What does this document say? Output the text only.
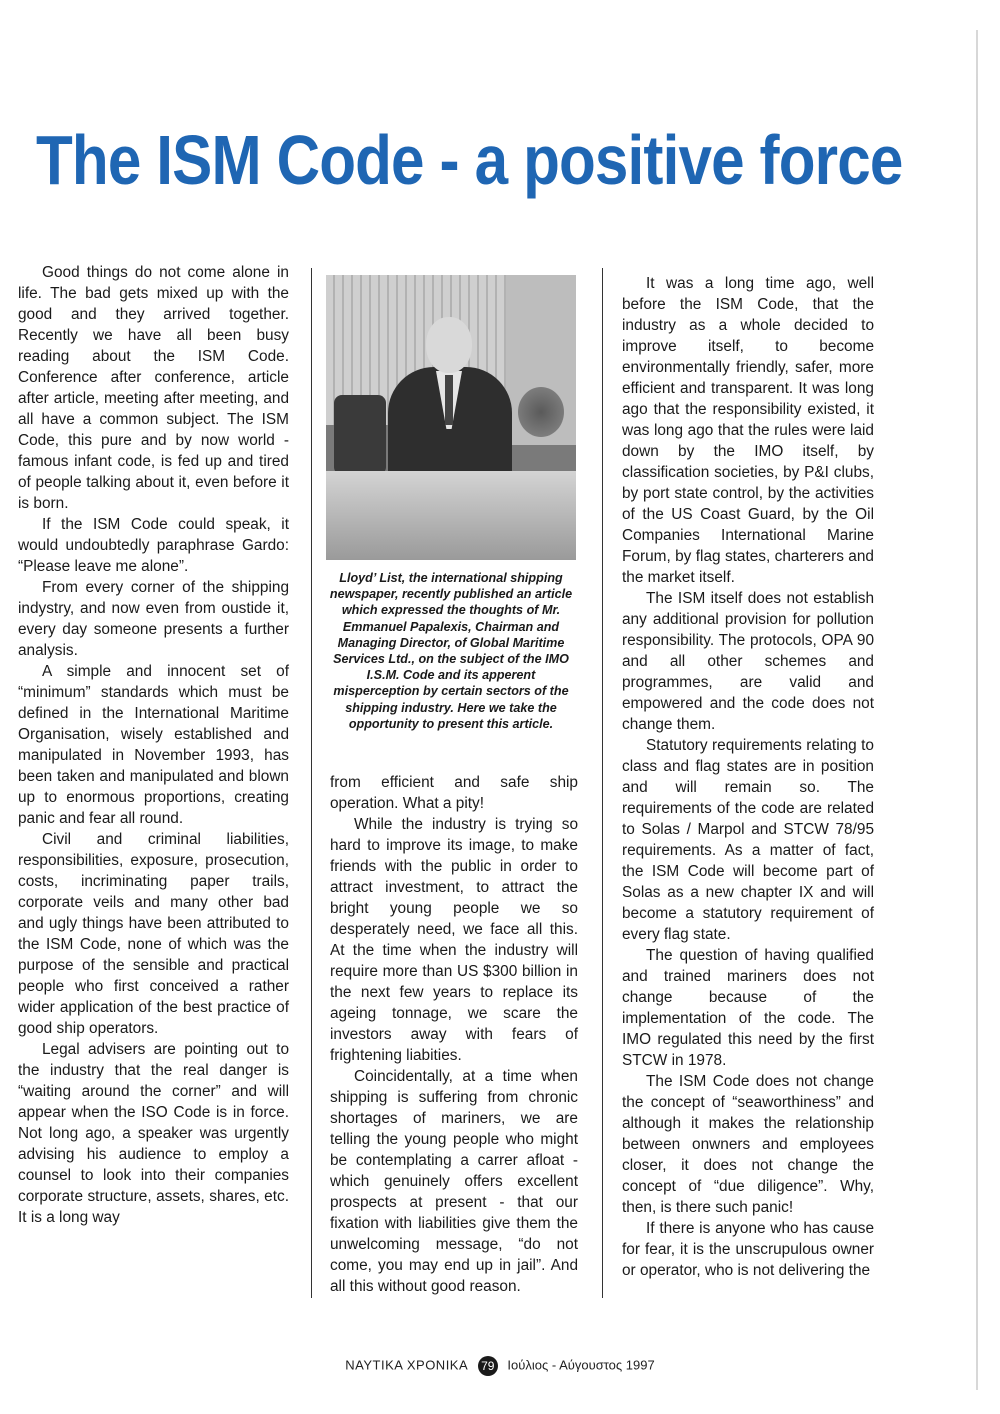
The ISM Code - a positive force

Good things do not come alone in life. The bad gets mixed up with the good and they arrived together. Recently we have all been busy reading about the ISM Code. Conference after conference, article after article, meeting after meeting, and all have a common subject. The ISM Code, this pure and by now world - famous infant code, is fed up and tired of people talking about it, even before it is born.

If the ISM Code could speak, it would undoubtedly paraphrase Gardo: “Please leave me alone”.

From every corner of the shipping indystry, and now even from oustide it, every day someone presents a further analysis.

A simple and innocent set of “minimum” standards which must be defined in the International Maritime Organisation, wisely established and manipulated in November 1993, has been taken and manipulated and blown up to enormous proportions, creating panic and fear all round.

Civil and criminal liabilities, responsibilities, exposure, prosecution, costs, incriminating paper trails, corporate veils and many other bad and ugly things have been attributed to the ISM Code, none of which was the purpose of the sensible and practical people who first conceived a rather wider application of the best practice of good ship operators.

Legal advisers are pointing out to the industry that the real danger is “waiting around the corner” and will appear when the ISO Code is in force. Not long ago, a speaker was urgently advising his audience to employ a counsel to look into their companies corporate structure, assets, shares, etc. It is a long way

Lloyd’ List, the international shipping newspaper, recently published an article which expressed the thoughts of Mr. Emmanuel Papalexis, Chairman and Managing Director, of Global Maritime Services Ltd., on the subject of the IMO I.S.M. Code and its apperent misperception by certain sectors of the shipping industry. Here we take the opportunity to present this article.

from efficient and safe ship operation. What a pity!

While the industry is trying so hard to improve its image, to make friends with the public in order to attract investment, to attract the bright young people we so desperately need, we face all this. At the time when the industry will require more than US $300 billion in the next few years to replace its ageing tonnage, we scare the investors away with fears of frightening liabities.

Coincidentally, at a time when shipping is suffering from chronic shortages of mariners, we are telling the young people who might be contemplating a carrer afloat - which genuinely offers excellent prospects at present - that our fixation with liabilities give them the unwelcoming message, “do not come, you may end up in jail”. And all this without good reason.

It was a long time ago, well before the ISM Code, that the industry as a whole decided to improve itself, to become environmentally friendly, safer, more efficient and transparent. It was long ago that the responsibility existed, it was long ago that the rules were laid down by the IMO itself, by classification societies, by P&I clubs, by port state control, by the activities of the US Coast Guard, by the Oil Companies International Marine Forum, by flag states, charterers and the market itself.

The ISM itself does not establish any additional provision for pollution responsibility. The protocols, OPA 90 and all other schemes and programmes, are valid and empowered and the code does not change them.

Statutory requirements relating to class and flag states are in position and will remain so. The requirements of the code are related to Solas / Marpol and STCW 78/95 requirements. As a matter of fact, the ISM Code will become part of Solas as a new chapter IX and will become a statutory requirement of every flag state.

The question of having qualified and trained mariners does not change because of the implementation of the code. The IMO regulated this need by the first STCW in 1978.

The ISM Code does not change the concept of “seaworthiness” and although it makes the relationship between onwners and employees closer, it does not change the concept of “due diligence”. Why, then, is there such panic!

If there is anyone who has cause for fear, it is the unscrupulous owner or operator, who is not delivering the

ΝΑΥΤΙΚΑ ΧΡΟΝΙΚΑ 79 Ιούλιος - Αύγουστος 1997
